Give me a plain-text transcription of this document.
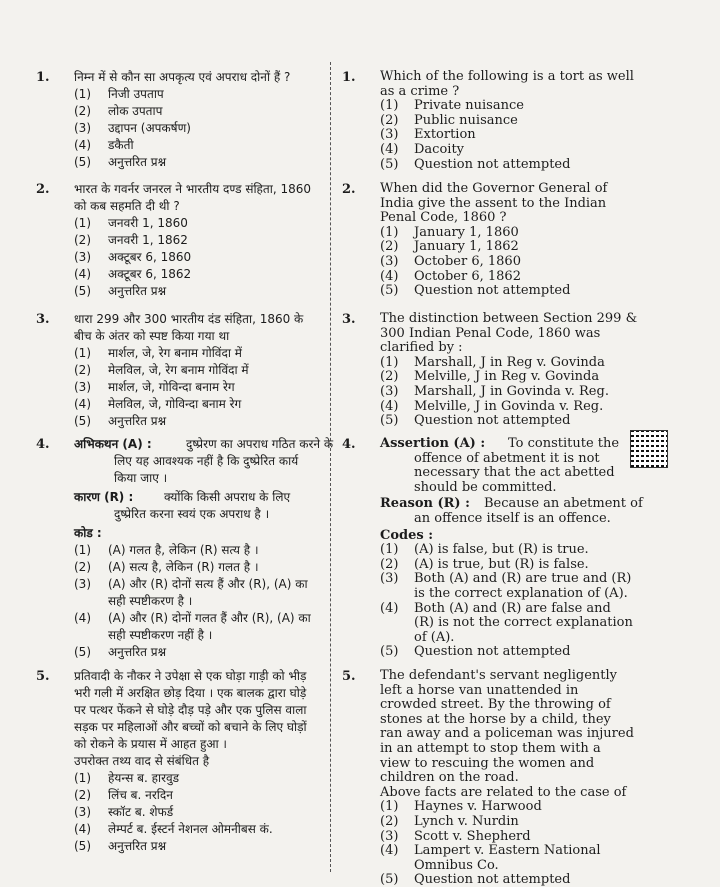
1. निम्न में से कौन सा अपकृत्य एवं अपराध दोनों हैं ?
(1) निजी उपताप
(2) लोक उपताप
(3) उद्दापन (अपकर्षण)
(4) डकैती
(5) अनुत्तरित प्रश्न
2. भारत के गवर्नर जनरल ने भारतीय दण्ड संहिता, 1860
को कब सहमति दी थी ?
(1) जनवरी 1, 1860
(2) जनवरी 1, 1862
(3) अक्टूबर 6, 1860
(4) अक्टूबर 6, 1862
(5) अनुत्तरित प्रश्न
3. धारा 299 और 300 भारतीय दंड संहिता, 1860 के
बीच के अंतर को स्पष्ट किया गया था
(1) मार्शल, जे, रेग बनाम गोविंदा में
(2) मेलविल, जे, रेग बनाम गोविंदा में
(3) मार्शल, जे, गोविन्दा बनाम रेग
(4) मेलविल, जे, गोविन्दा बनाम रेग
(5) अनुत्तरित प्रश्न
4. अभिकथन (A) :	दुष्प्रेरण का अपराध गठित करने के
लिए यह आवश्यक नहीं है कि दुष्प्रेरित कार्य
किया जाए ।
कारण (R) :	क्योंकि किसी अपराध के लिए
दुष्प्रेरित करना स्वयं एक अपराध है ।
कोड :
(1) (A) गलत है, लेकिन (R) सत्य है ।
(2) (A) सत्य है, लेकिन (R) गलत है ।
(3) (A) और (R) दोनों सत्य हैं और (R), (A) का
सही स्पष्टीकरण है ।
(4) (A) और (R) दोनों गलत हैं और (R), (A) का
सही स्पष्टीकरण नहीं है ।
(5) अनुत्तरित प्रश्न
5. प्रतिवादी के नौकर ने उपेक्षा से एक घोड़ा गाड़ी को भीड़
भरी गली में अरक्षित छोड़ दिया । एक बालक द्वारा घोड़े
पर पत्थर फेंकने से घोड़े दौड़ पड़े और एक पुलिस वाला
सड़क पर महिलाओं और बच्चों को बचाने के लिए घोड़ों
को रोकने के प्रयास में आहत हुआ ।
उपरोक्त तथ्य वाद से संबंधित है
(1) हेयन्स ब. हारवुड
(2) लिंच ब. नरदिन
(3) स्कॉट ब. शेफर्ड
(4) लेम्पर्ट ब. ईस्टर्न नेशनल ओमनीबस कं.
(5) अनुत्तरित प्रश्न
1. Which of the following is a tort as well
as a crime ?
(1) Private nuisance
(2) Public nuisance
(3) Extortion
(4) Dacoity
(5) Question not attempted
2. When did the Governor General of
India give the assent to the Indian
Penal Code, 1860 ?
(1) January 1, 1860
(2) January 1, 1862
(3) October 6, 1860
(4) October 6, 1862
(5) Question not attempted
3. The distinction between Section 299 &
300 Indian Penal Code, 1860 was
clarified by :
(1) Marshall, J in Reg v. Govinda
(2) Melville, J in Reg v. Govinda
(3) Marshall, J in Govinda v. Reg.
(4) Melville, J in Govinda v. Reg.
(5) Question not attempted
4. Assertion (A) : To constitute the
offence of abetment it is not
necessary that the act abetted
should be committed.
Reason (R) : Because an abetment of
an offence itself is an offence.
Codes :
(1) (A) is false, but (R) is true.
(2) (A) is true, but (R) is false.
(3) Both (A) and (R) are true and (R)
is the correct explanation of (A).
(4) Both (A) and (R) are false and
(R) is not the correct explanation
of (A).
(5) Question not attempted
5. The defendant's servant negligently
left a horse van unattended in
crowded street. By the throwing of
stones at the horse by a child, they
ran away and a policeman was injured
in an attempt to stop them with a
view to rescuing the women and
children on the road.
Above facts are related to the case of
(1) Haynes v. Harwood
(2) Lynch v. Nurdin
(3) Scott v. Shepherd
(4) Lampert v. Eastern National
Omnibus Co.
(5) Question not attempted
